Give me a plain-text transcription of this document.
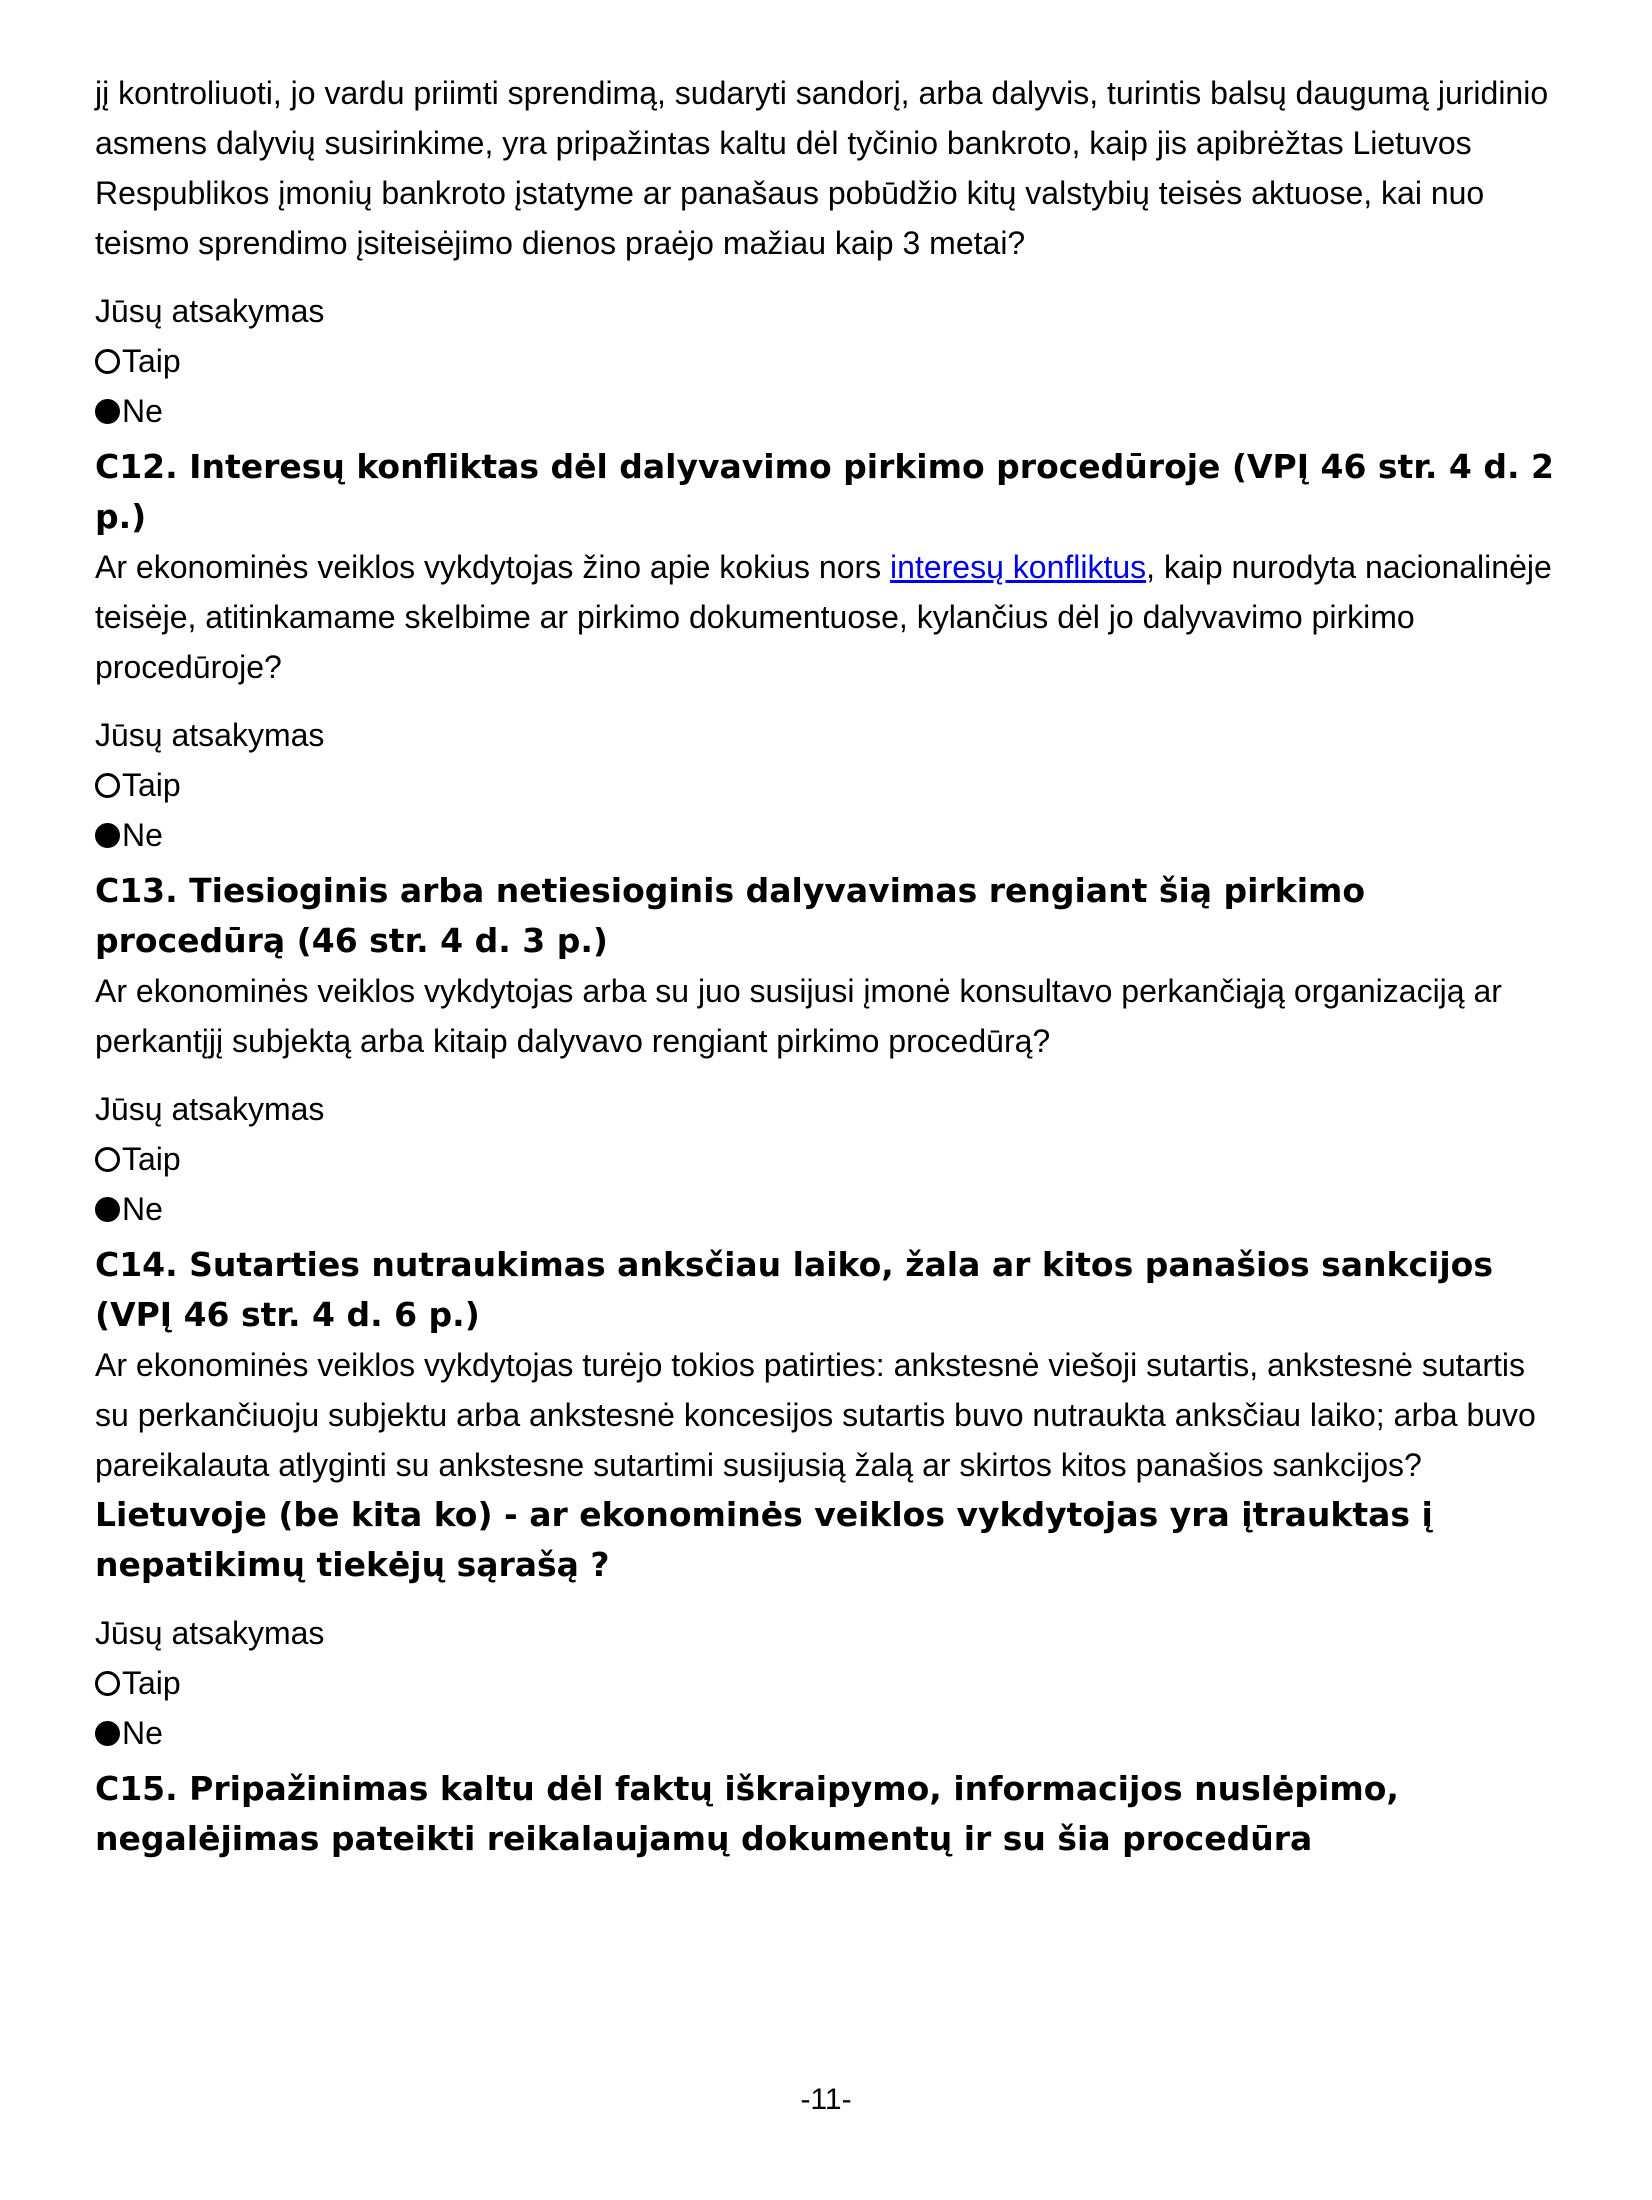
jį kontroliuoti, jo vardu priimti sprendimą, sudaryti sandorį, arba dalyvis, turintis balsų daugumą juridinio asmens dalyvių susirinkime, yra pripažintas kaltu dėl tyčinio bankroto, kaip jis apibrėžtas Lietuvos Respublikos įmonių bankroto įstatyme ar panašaus pobūdžio kitų valstybių teisės aktuose, kai nuo teismo sprendimo įsiteisėjimo dienos praėjo mažiau kaip 3 metai?

Jūsų atsakymas
Taip
Ne
C12. Interesų konfliktas dėl dalyvavimo pirkimo procedūroje (VPĮ 46 str. 4 d. 2 p.)

Ar ekonominės veiklos vykdytojas žino apie kokius nors interesų konfliktus, kaip nurodyta nacionalinėje teisėje, atitinkamame skelbime ar pirkimo dokumentuose, kylančius dėl jo dalyvavimo pirkimo procedūroje?

Jūsų atsakymas
Taip
Ne
C13. Tiesioginis arba netiesioginis dalyvavimas rengiant šią pirkimo procedūrą (46 str. 4 d. 3 p.)

Ar ekonominės veiklos vykdytojas arba su juo susijusi įmonė konsultavo perkančiąją organizaciją ar perkantįjį subjektą arba kitaip dalyvavo rengiant pirkimo procedūrą?

Jūsų atsakymas
Taip
Ne
C14. Sutarties nutraukimas anksčiau laiko, žala ar kitos panašios sankcijos (VPĮ 46 str. 4 d. 6 p.)

Ar ekonominės veiklos vykdytojas turėjo tokios patirties: ankstesnė viešoji sutartis, ankstesnė sutartis su perkančiuoju subjektu arba ankstesnė koncesijos sutartis buvo nutraukta anksčiau laiko; arba buvo pareikalauta atlyginti su ankstesne sutartimi susijusią žalą ar skirtos kitos panašios sankcijos?

Lietuvoje (be kita ko) - ar ekonominės veiklos vykdytojas yra įtrauktas į nepatikimų tiekėjų sąrašą ?
Jūsų atsakymas
Taip
Ne
C15. Pripažinimas kaltu dėl faktų iškraipymo, informacijos nuslėpimo, negalėjimas pateikti reikalaujamų dokumentų ir su šia procedūra
-11-
